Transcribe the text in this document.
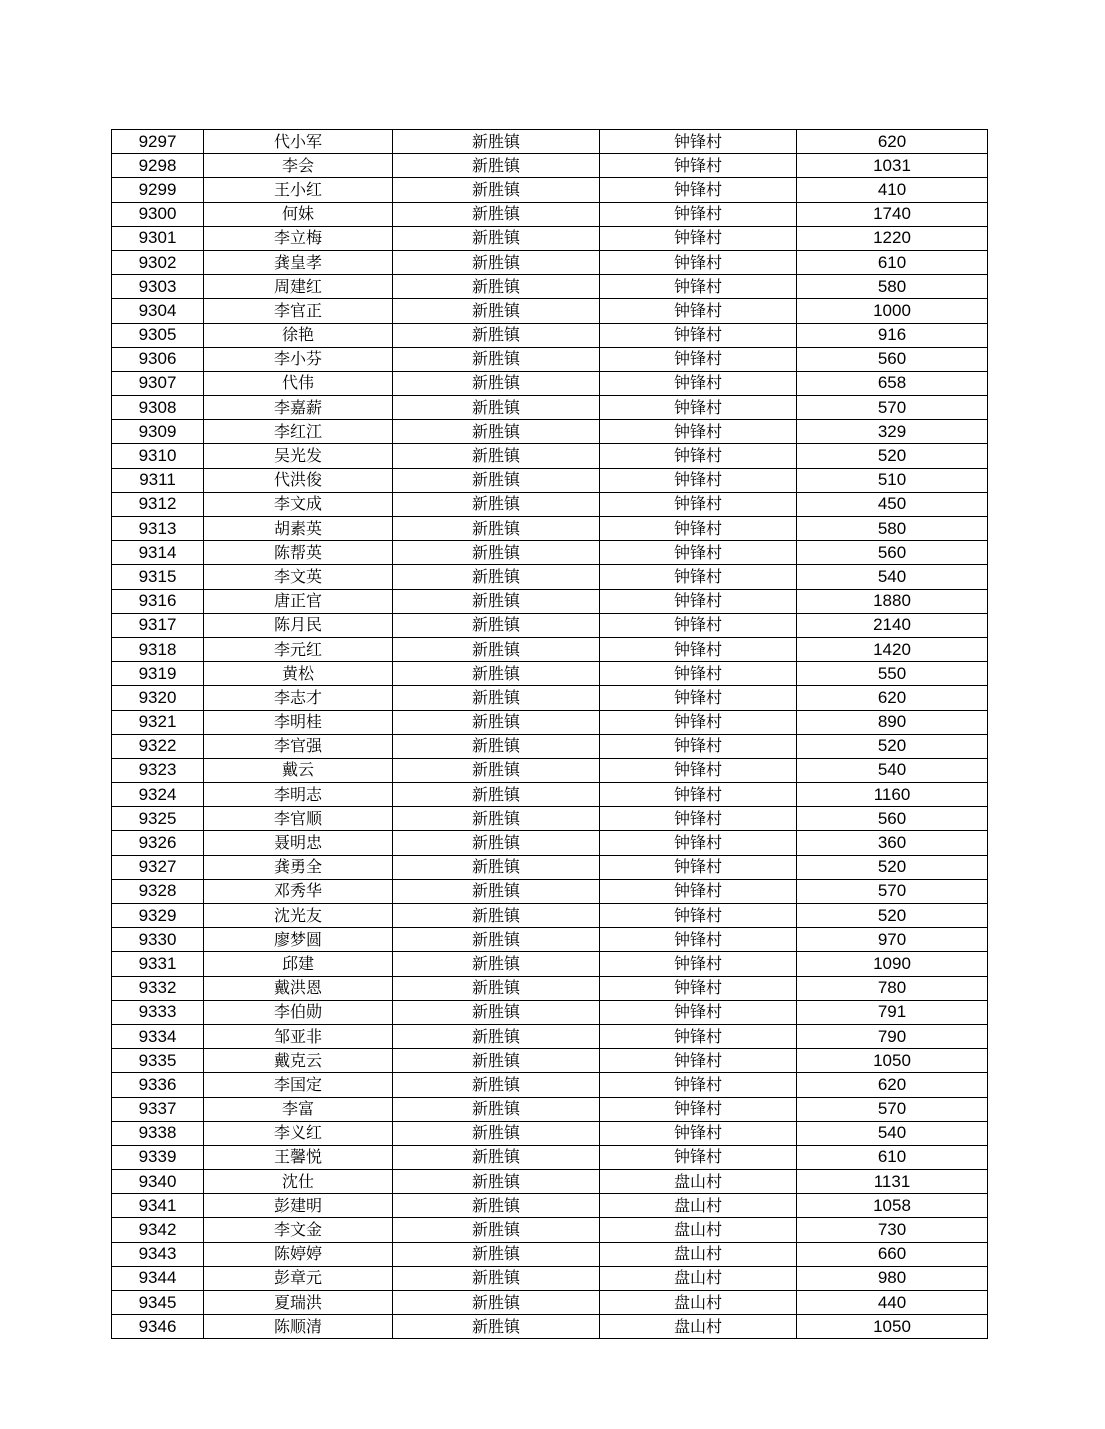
9297	代小军	新胜镇	钟锋村	620
9298	李会	新胜镇	钟锋村	1031
9299	王小红	新胜镇	钟锋村	410
9300	何妹	新胜镇	钟锋村	1740
9301	李立梅	新胜镇	钟锋村	1220
9302	龚皇孝	新胜镇	钟锋村	610
9303	周建红	新胜镇	钟锋村	580
9304	李官正	新胜镇	钟锋村	1000
9305	徐艳	新胜镇	钟锋村	916
9306	李小芬	新胜镇	钟锋村	560
9307	代伟	新胜镇	钟锋村	658
9308	李嘉薪	新胜镇	钟锋村	570
9309	李红江	新胜镇	钟锋村	329
9310	吴光发	新胜镇	钟锋村	520
9311	代洪俊	新胜镇	钟锋村	510
9312	李文成	新胜镇	钟锋村	450
9313	胡素英	新胜镇	钟锋村	580
9314	陈帮英	新胜镇	钟锋村	560
9315	李文英	新胜镇	钟锋村	540
9316	唐正官	新胜镇	钟锋村	1880
9317	陈月民	新胜镇	钟锋村	2140
9318	李元红	新胜镇	钟锋村	1420
9319	黄松	新胜镇	钟锋村	550
9320	李志才	新胜镇	钟锋村	620
9321	李明桂	新胜镇	钟锋村	890
9322	李官强	新胜镇	钟锋村	520
9323	戴云	新胜镇	钟锋村	540
9324	李明志	新胜镇	钟锋村	1160
9325	李官顺	新胜镇	钟锋村	560
9326	聂明忠	新胜镇	钟锋村	360
9327	龚勇全	新胜镇	钟锋村	520
9328	邓秀华	新胜镇	钟锋村	570
9329	沈光友	新胜镇	钟锋村	520
9330	廖梦圆	新胜镇	钟锋村	970
9331	邱建	新胜镇	钟锋村	1090
9332	戴洪恩	新胜镇	钟锋村	780
9333	李伯勋	新胜镇	钟锋村	791
9334	邹亚非	新胜镇	钟锋村	790
9335	戴克云	新胜镇	钟锋村	1050
9336	李国定	新胜镇	钟锋村	620
9337	李富	新胜镇	钟锋村	570
9338	李义红	新胜镇	钟锋村	540
9339	王馨悦	新胜镇	钟锋村	610
9340	沈仕	新胜镇	盘山村	1131
9341	彭建明	新胜镇	盘山村	1058
9342	李文金	新胜镇	盘山村	730
9343	陈婷婷	新胜镇	盘山村	660
9344	彭章元	新胜镇	盘山村	980
9345	夏瑞洪	新胜镇	盘山村	440
9346	陈顺清	新胜镇	盘山村	1050
